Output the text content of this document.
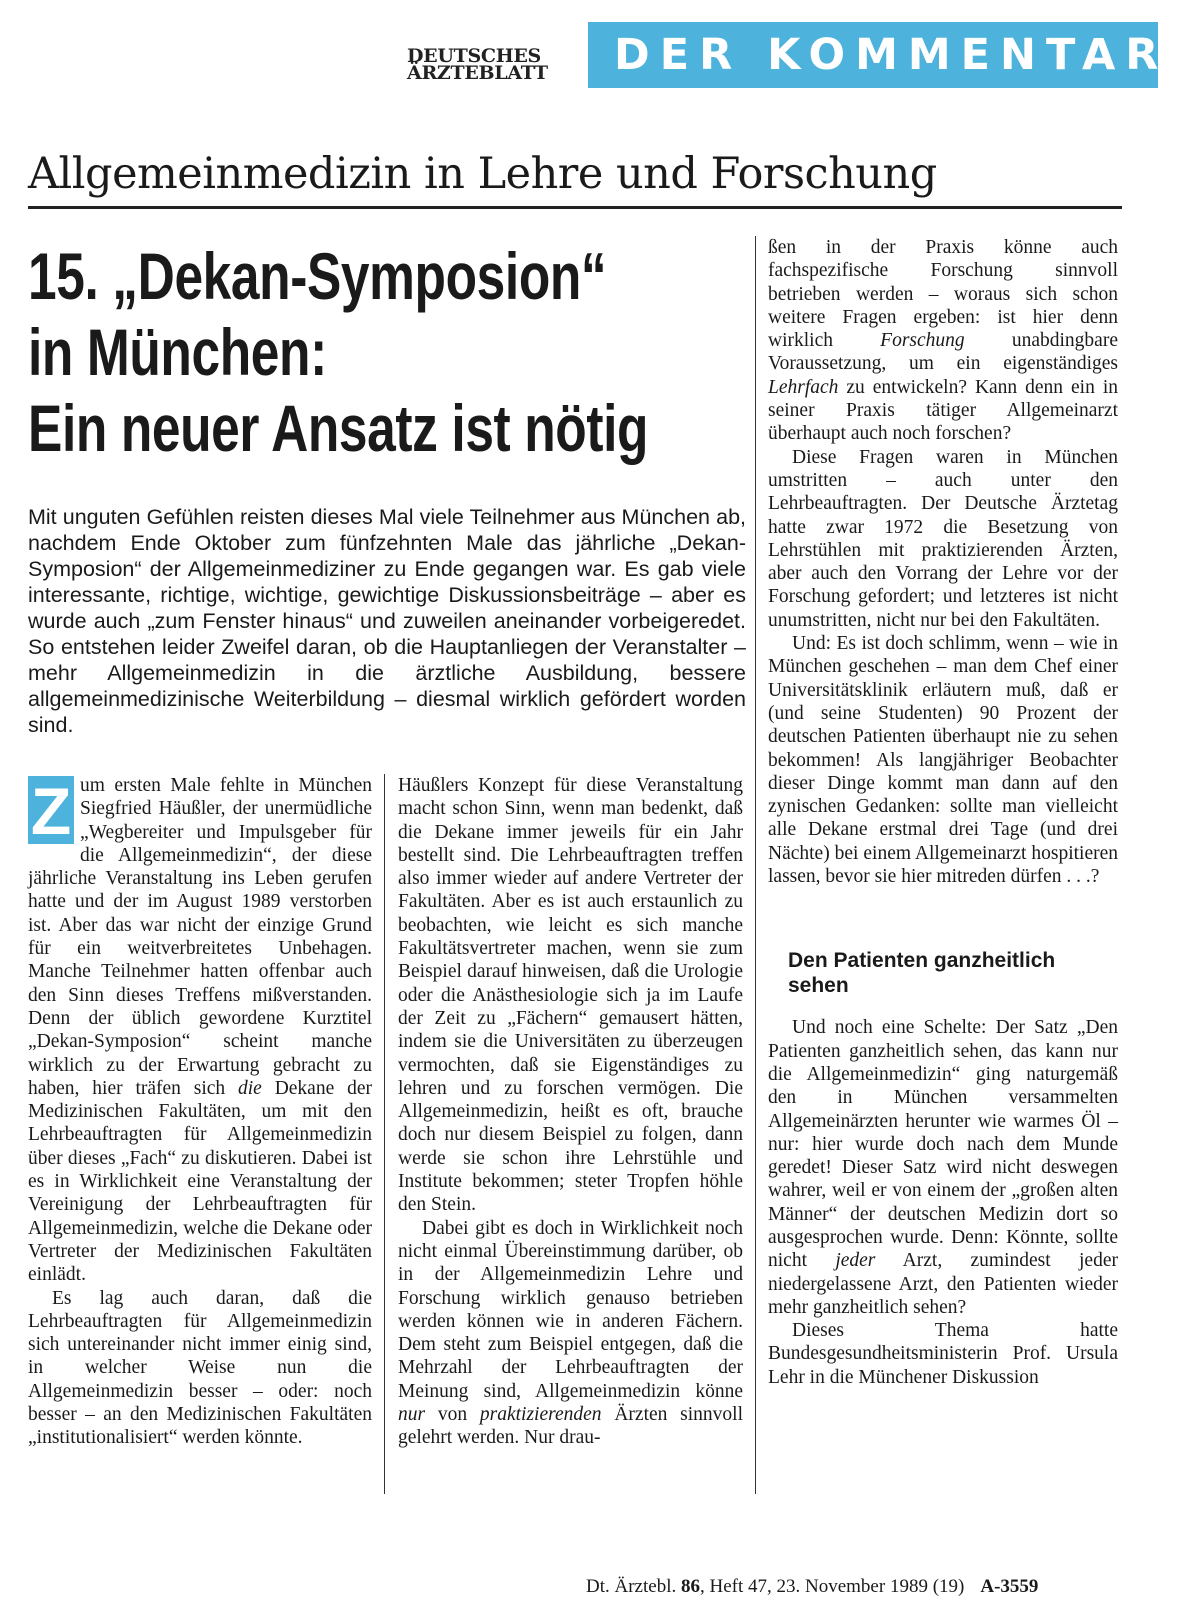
DEUTSCHES
ÄRZTEBLATT	DER KOMMENTAR
Allgemeinmedizin in Lehre und Forschung
15. „Dekan-Symposion“
in München:
Ein neuer Ansatz ist nötig

Mit unguten Gefühlen reisten dieses Mal viele Teilnehmer aus München ab, nachdem Ende Oktober zum fünfzehnten Male das jährliche „Dekan-Symposion“ der Allgemeinmediziner zu Ende gegangen war. Es gab viele interessante, richtige, wichtige, gewichtige Diskussionsbeiträge – aber es wurde auch „zum Fenster hinaus“ und zuweilen aneinander vorbeigeredet. So entstehen leider Zweifel daran, ob die Hauptanliegen der Veranstalter – mehr Allgemeinmedizin in die ärztliche Ausbildung, bessere allgemeinmedizinische Weiterbildung – diesmal wirklich gefördert worden sind.

Z um ersten Male fehlte in München Siegfried Häußler, der unermüdliche „Wegbereiter und Impulsgeber für die Allgemeinmedizin“, der diese jährliche Veranstaltung ins Leben gerufen hatte und der im August 1989 verstorben ist. Aber das war nicht der einzige Grund für ein weitverbreitetes Unbehagen. Manche Teilnehmer hatten offenbar auch den Sinn dieses Treffens mißverstanden. Denn der üblich gewordene Kurztitel „Dekan-Symposion“ scheint manche wirklich zu der Erwartung gebracht zu haben, hier träfen sich die Dekane der Medizinischen Fakultäten, um mit den Lehrbeauftragten für Allgemeinmedizin über dieses „Fach“ zu diskutieren. Dabei ist es in Wirklichkeit eine Veranstaltung der Vereinigung der Lehrbeauftragten für Allgemeinmedizin, welche die Dekane oder Vertreter der Medizinischen Fakultäten einlädt.

Es lag auch daran, daß die Lehrbeauftragten für Allgemeinmedizin sich untereinander nicht immer einig sind, in welcher Weise nun die Allgemeinmedizin besser – oder: noch besser – an den Medizinischen Fakultäten „institutionalisiert“ werden könnte.

Häußlers Konzept für diese Veranstaltung macht schon Sinn, wenn man bedenkt, daß die Dekane immer jeweils für ein Jahr bestellt sind. Die Lehrbeauftragten treffen also immer wieder auf andere Vertreter der Fakultäten. Aber es ist auch erstaunlich zu beobachten, wie leicht es sich manche Fakultätsvertreter machen, wenn sie zum Beispiel darauf hinweisen, daß die Urologie oder die Anästhesiologie sich ja im Laufe der Zeit zu „Fächern“ gemausert hätten, indem sie die Universitäten zu überzeugen vermochten, daß sie Eigenständiges zu lehren und zu forschen vermögen. Die Allgemeinmedizin, heißt es oft, brauche doch nur diesem Beispiel zu folgen, dann werde sie schon ihre Lehrstühle und Institute bekommen; steter Tropfen höhle den Stein.

Dabei gibt es doch in Wirklichkeit noch nicht einmal Übereinstimmung darüber, ob in der Allgemeinmedizin Lehre und Forschung wirklich genauso betrieben werden können wie in anderen Fächern. Dem steht zum Beispiel entgegen, daß die Mehrzahl der Lehrbeauftragten der Meinung sind, Allgemeinmedizin könne nur von praktizierenden Ärzten sinnvoll gelehrt werden. Nur drau-

ßen in der Praxis könne auch fachspezifische Forschung sinnvoll betrieben werden – woraus sich schon weitere Fragen ergeben: ist hier denn wirklich Forschung unabdingbare Voraussetzung, um ein eigenständiges Lehrfach zu entwickeln? Kann denn ein in seiner Praxis tätiger Allgemeinarzt überhaupt auch noch forschen?

Diese Fragen waren in München umstritten – auch unter den Lehrbeauftragten. Der Deutsche Ärztetag hatte zwar 1972 die Besetzung von Lehrstühlen mit praktizierenden Ärzten, aber auch den Vorrang der Lehre vor der Forschung gefordert; und letzteres ist nicht unumstritten, nicht nur bei den Fakultäten.

Und: Es ist doch schlimm, wenn – wie in München geschehen – man dem Chef einer Universitätsklinik erläutern muß, daß er (und seine Studenten) 90 Prozent der deutschen Patienten überhaupt nie zu sehen bekommen! Als langjähriger Beobachter dieser Dinge kommt man dann auf den zynischen Gedanken: sollte man vielleicht alle Dekane erstmal drei Tage (und drei Nächte) bei einem Allgemeinarzt hospitieren lassen, bevor sie hier mitreden dürfen . . .?

Den Patienten ganzheitlich sehen

Und noch eine Schelte: Der Satz „Den Patienten ganzheitlich sehen, das kann nur die Allgemeinmedizin“ ging naturgemäß den in München versammelten Allgemeinärzten herunter wie warmes Öl – nur: hier wurde doch nach dem Munde geredet! Dieser Satz wird nicht deswegen wahrer, weil er von einem der „großen alten Männer“ der deutschen Medizin dort so ausgesprochen wurde. Denn: Könnte, sollte nicht jeder Arzt, zumindest jeder niedergelassene Arzt, den Patienten wieder mehr ganzheitlich sehen?

Dieses Thema hatte Bundesgesundheitsministerin Prof. Ursula Lehr in die Münchener Diskussion

Dt. Ärztebl. 86, Heft 47, 23. November 1989 (19) A-3559
